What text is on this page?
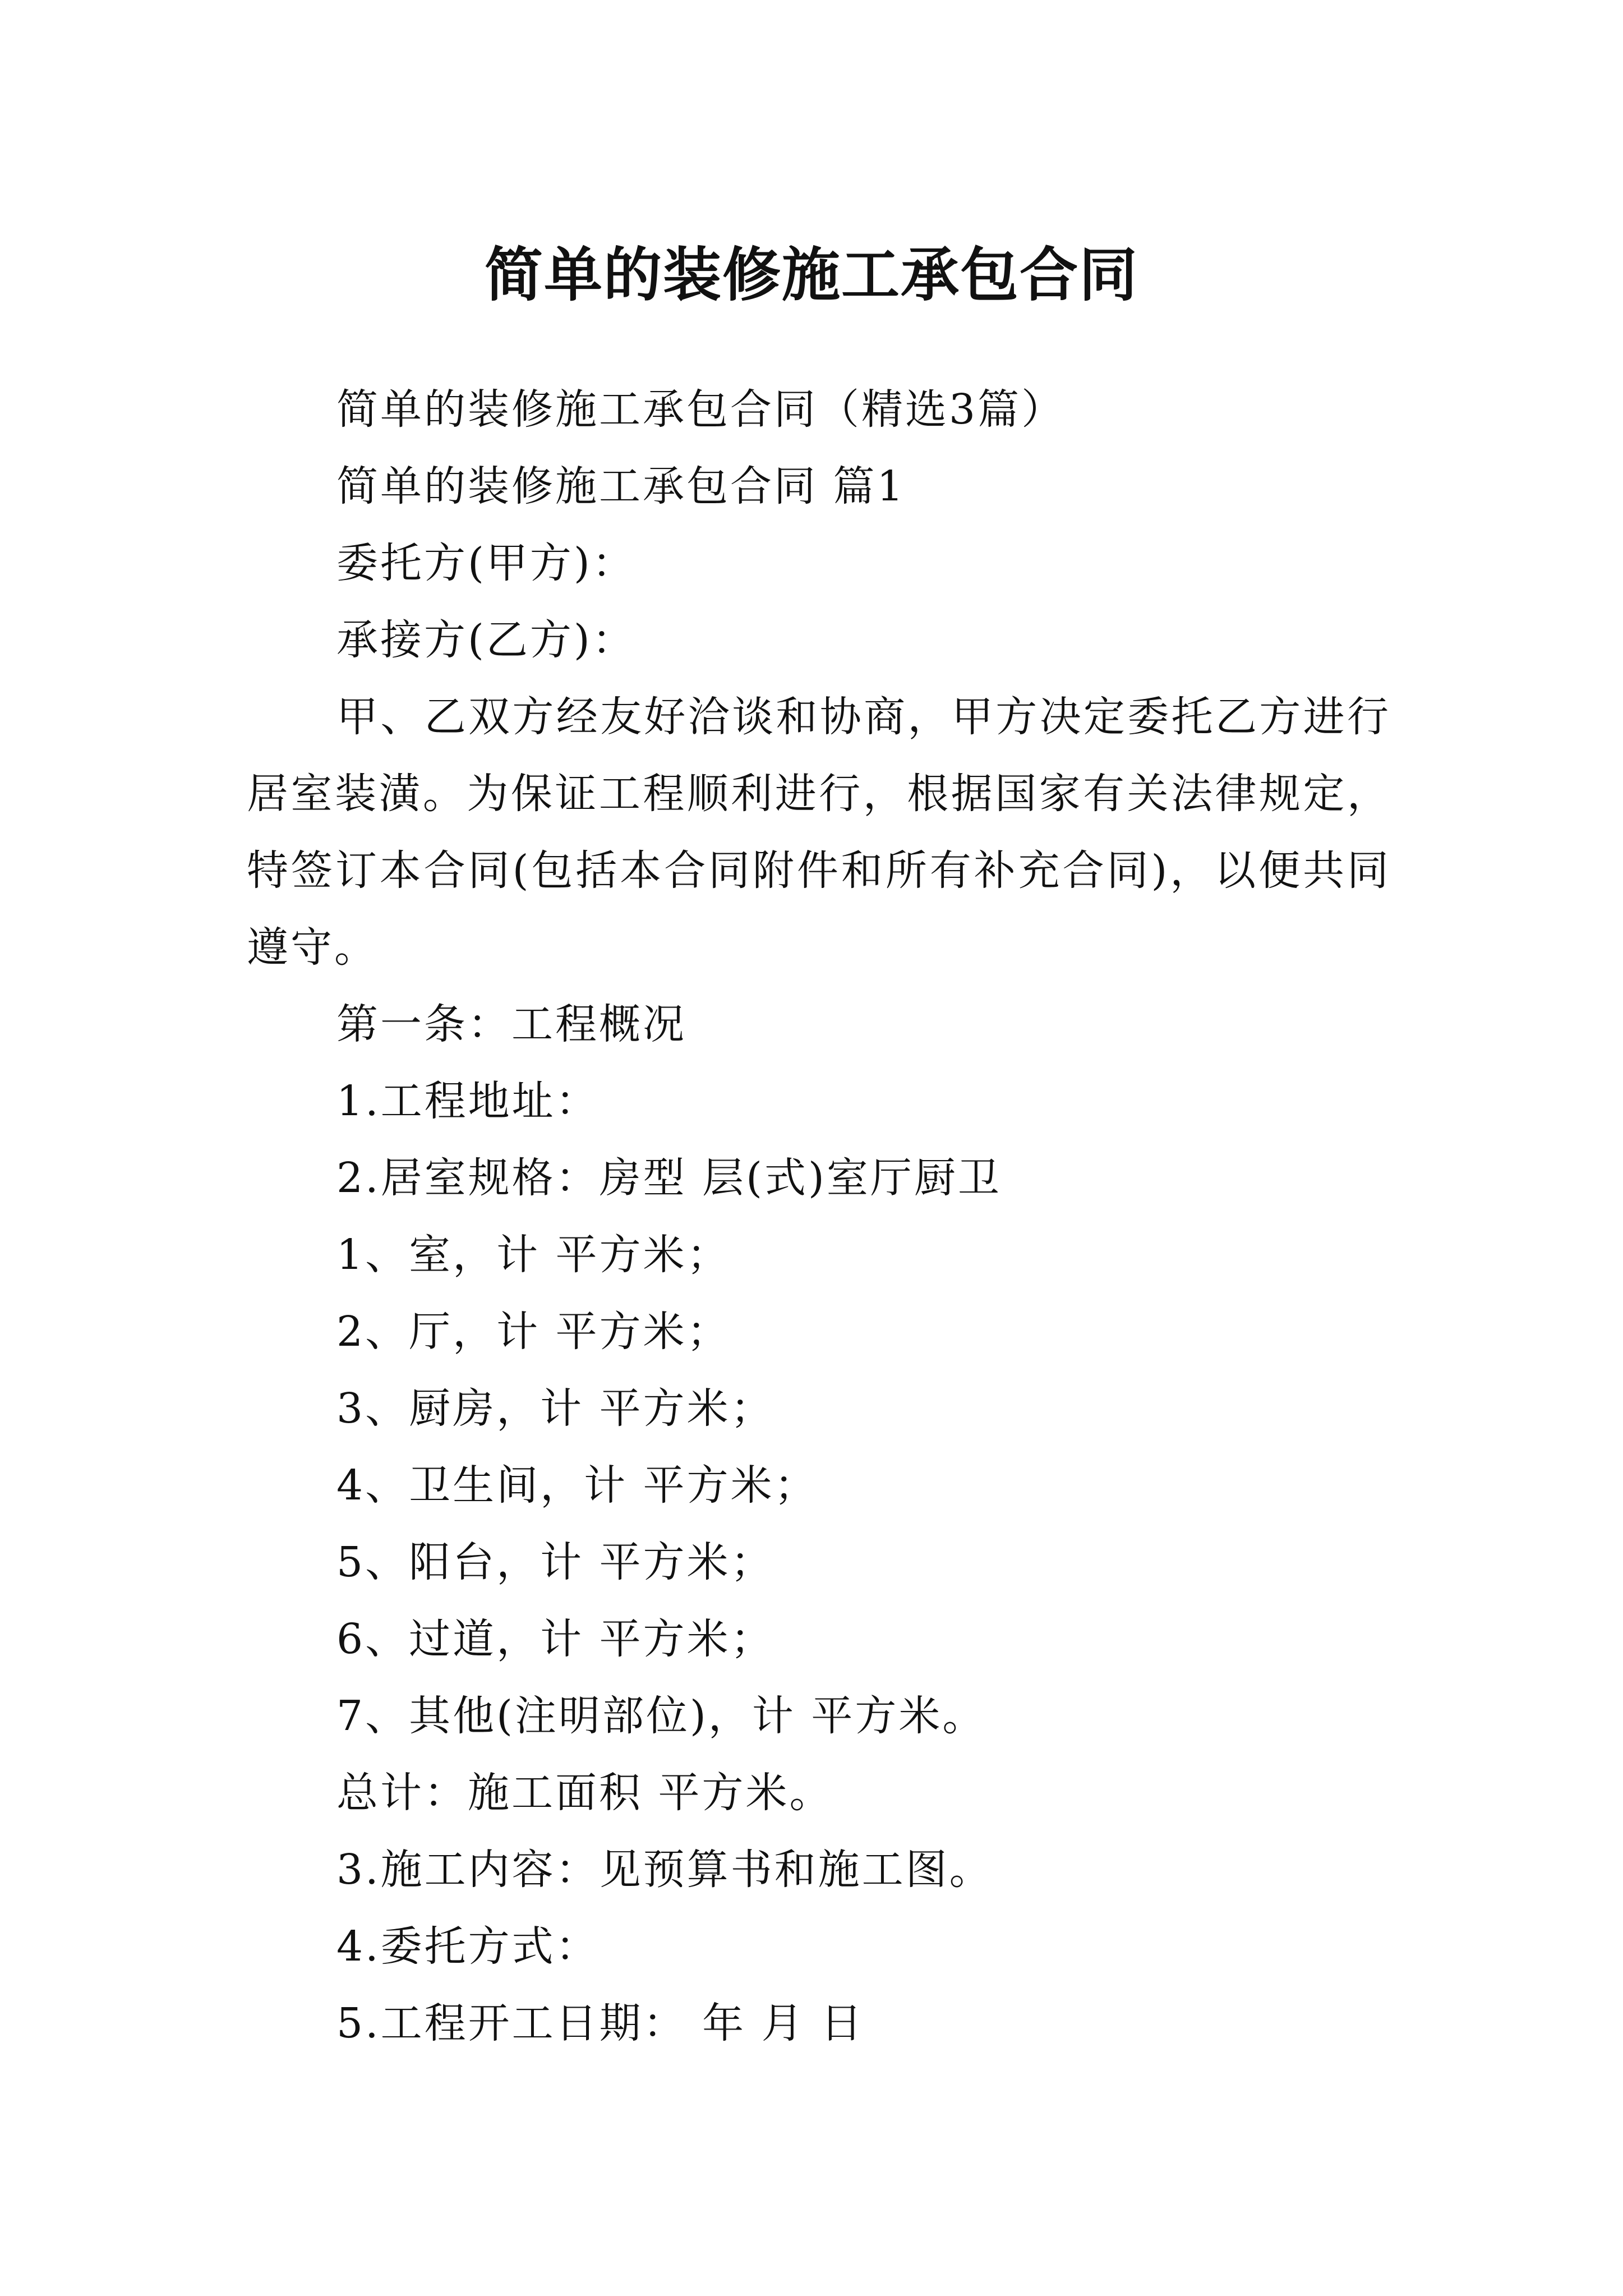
简单的装修施工承包合同

简单的装修施工承包合同（精选3篇）

简单的装修施工承包合同 篇1

委托方(甲方)：

承接方(乙方)：

甲、乙双方经友好洽谈和协商，甲方决定委托乙方进行居室装潢。为保证工程顺利进行，根据国家有关法律规定，特签订本合同(包括本合同附件和所有补充合同)，以便共同遵守。

第一条：工程概况

1.工程地址：

2.居室规格：房型 层(式)室厅厨卫

1、室，计 平方米；

2、厅，计 平方米；

3、厨房，计 平方米；

4、卫生间，计 平方米；

5、阳台，计 平方米；

6、过道，计 平方米；

7、其他(注明部位)，计 平方米。

总计：施工面积 平方米。

3.施工内容：见预算书和施工图。

4.委托方式：

5.工程开工日期： 年 月 日
